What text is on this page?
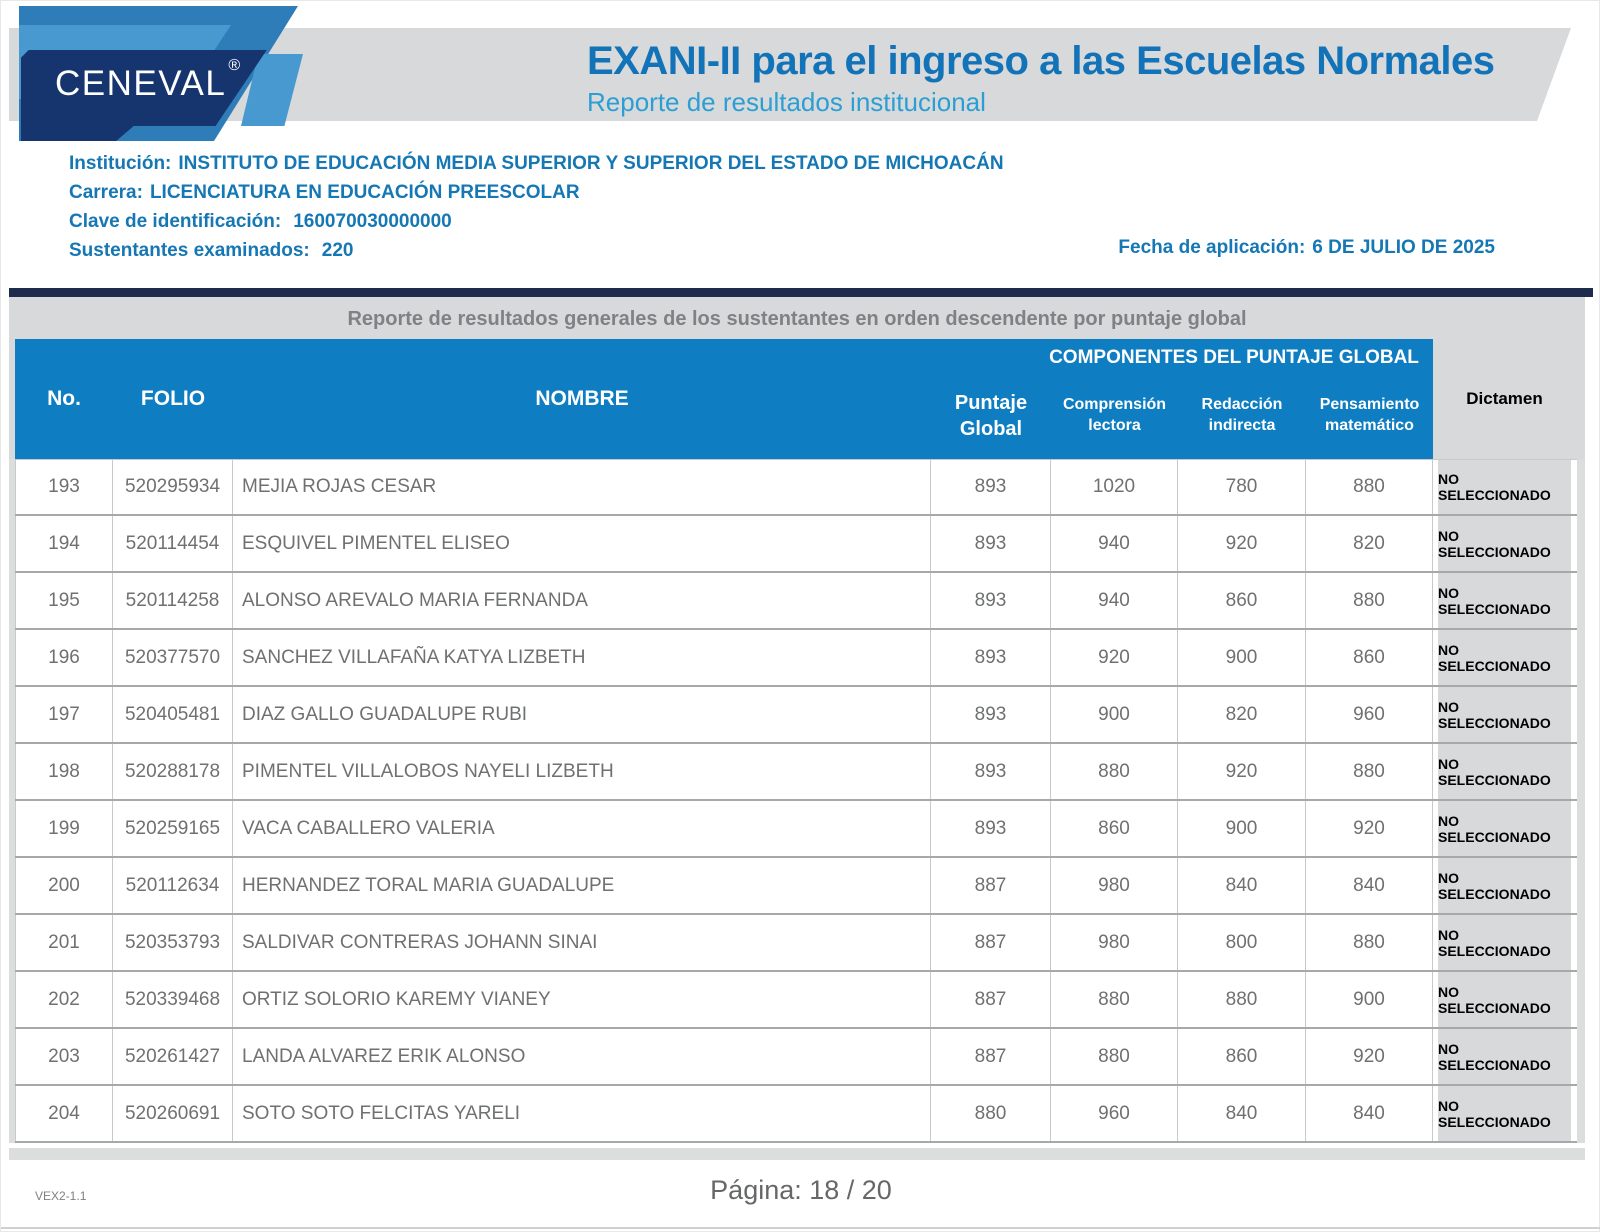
CENEVAL ®	EXANI-II para el ingreso a las Escuelas Normales
Reporte de resultados institucional
Institución: INSTITUTO DE EDUCACIÓN MEDIA SUPERIOR Y SUPERIOR DEL ESTADO DE MICHOACÁN
Carrera: LICENCIATURA EN EDUCACIÓN PREESCOLAR
Clave de identificación: 160070030000000
Sustentantes examinados: 220	Fecha de aplicación: 6 DE JULIO DE 2025
Reporte de resultados generales de los sustentantes en orden descendente por puntaje global
No.	FOLIO	NOMBRE
COMPONENTES DEL PUNTAJE GLOBAL
Puntaje
Global
Comprensión
lectora
Redacción
indirecta
Pensamiento
matemático
Dictamen
193	520295934	MEJIA ROJAS CESAR	893	1020	780	880	NO SELECCIONADO
194	520114454	ESQUIVEL PIMENTEL ELISEO	893	940	920	820	NO SELECCIONADO
195	520114258	ALONSO AREVALO MARIA FERNANDA	893	940	860	880	NO SELECCIONADO
196	520377570	SANCHEZ VILLAFAÑA KATYA LIZBETH	893	920	900	860	NO SELECCIONADO
197	520405481	DIAZ GALLO GUADALUPE RUBI	893	900	820	960	NO SELECCIONADO
198	520288178	PIMENTEL VILLALOBOS NAYELI LIZBETH	893	880	920	880	NO SELECCIONADO
199	520259165	VACA CABALLERO VALERIA	893	860	900	920	NO SELECCIONADO
200	520112634	HERNANDEZ TORAL MARIA GUADALUPE	887	980	840	840	NO SELECCIONADO
201	520353793	SALDIVAR CONTRERAS JOHANN SINAI	887	980	800	880	NO SELECCIONADO
202	520339468	ORTIZ SOLORIO KAREMY VIANEY	887	880	880	900	NO SELECCIONADO
203	520261427	LANDA ALVAREZ ERIK ALONSO	887	880	860	920	NO SELECCIONADO
204	520260691	SOTO SOTO FELCITAS YARELI	880	960	840	840	NO SELECCIONADO
VEX2-1.1	Página: 18 / 20
